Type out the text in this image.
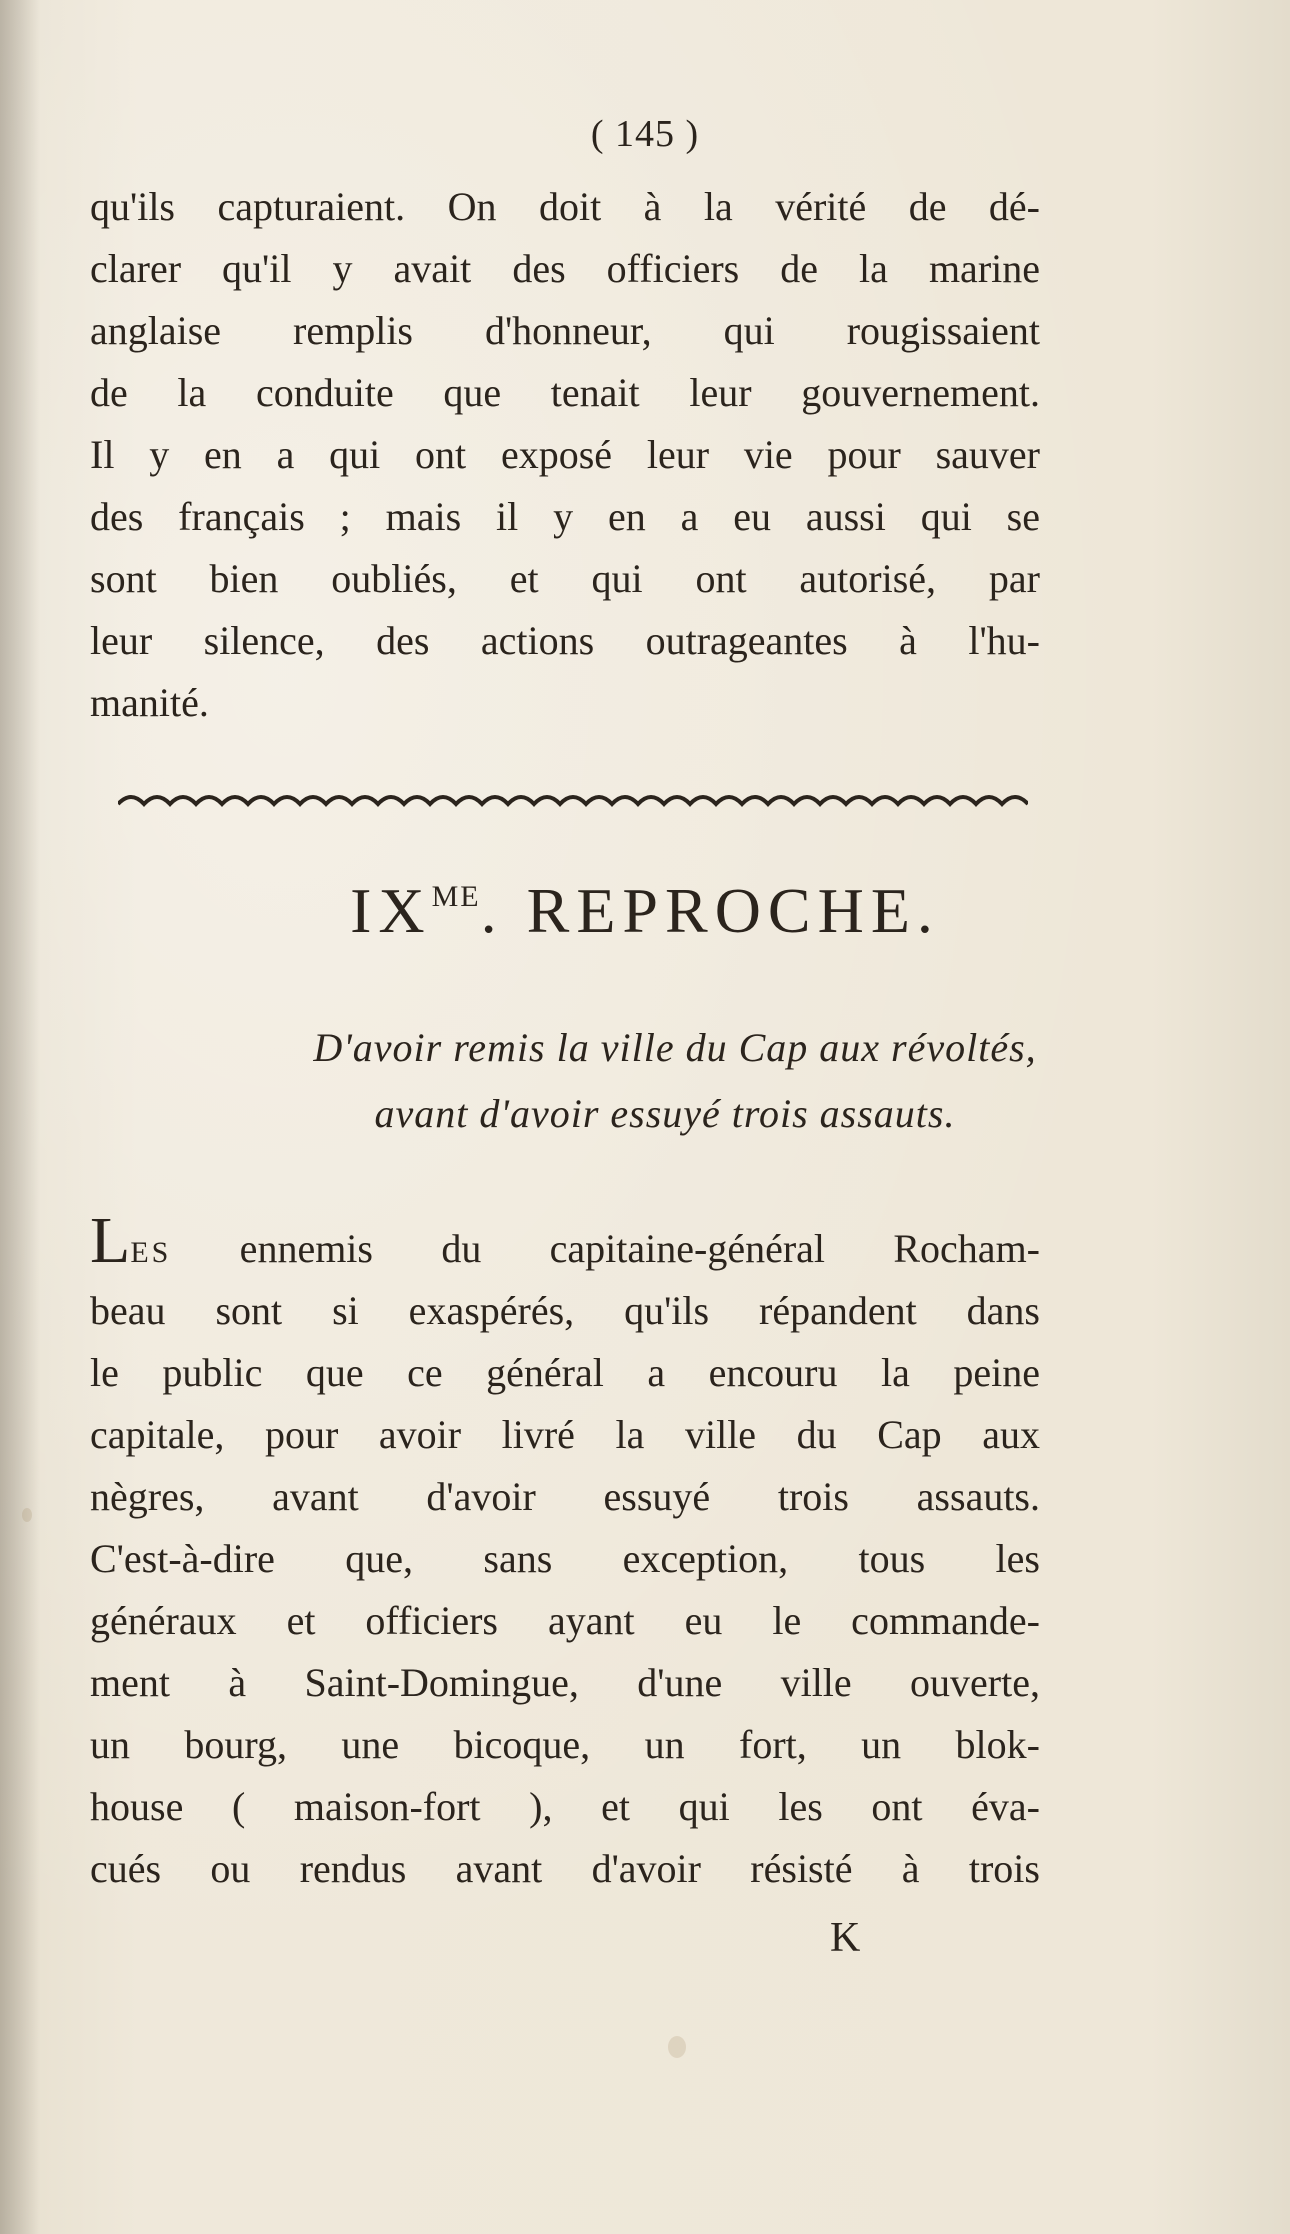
( 145 )
qu'ils capturaient. On doit à la vérité de dé-
clarer qu'il y avait des officiers de la marine
anglaise remplis d'honneur, qui rougissaient
de la conduite que tenait leur gouvernement.
Il y en a qui ont exposé leur vie pour sauver
des français ; mais il y en a eu aussi qui se
sont bien oubliés, et qui ont autorisé, par
leur silence, des actions outrageantes à l'hu-
manité.
$IX^{ME}$. REPROCHE.
D'avoir remis la ville du Cap aux révoltés,
avant d'avoir essuyé trois assauts.
LES ennemis du capitaine-général Rocham-
beau sont si exaspérés, qu'ils répandent dans
le public que ce général a encouru la peine
capitale, pour avoir livré la ville du Cap aux
nègres, avant d'avoir essuyé trois assauts.
C'est-à-dire que, sans exception, tous les
généraux et officiers ayant eu le commande-
ment à Saint-Domingue, d'une ville ouverte,
un bourg, une bicoque, un fort, un blok-
house ( maison-fort ), et qui les ont éva-
cués ou rendus avant d'avoir résisté à trois
K
